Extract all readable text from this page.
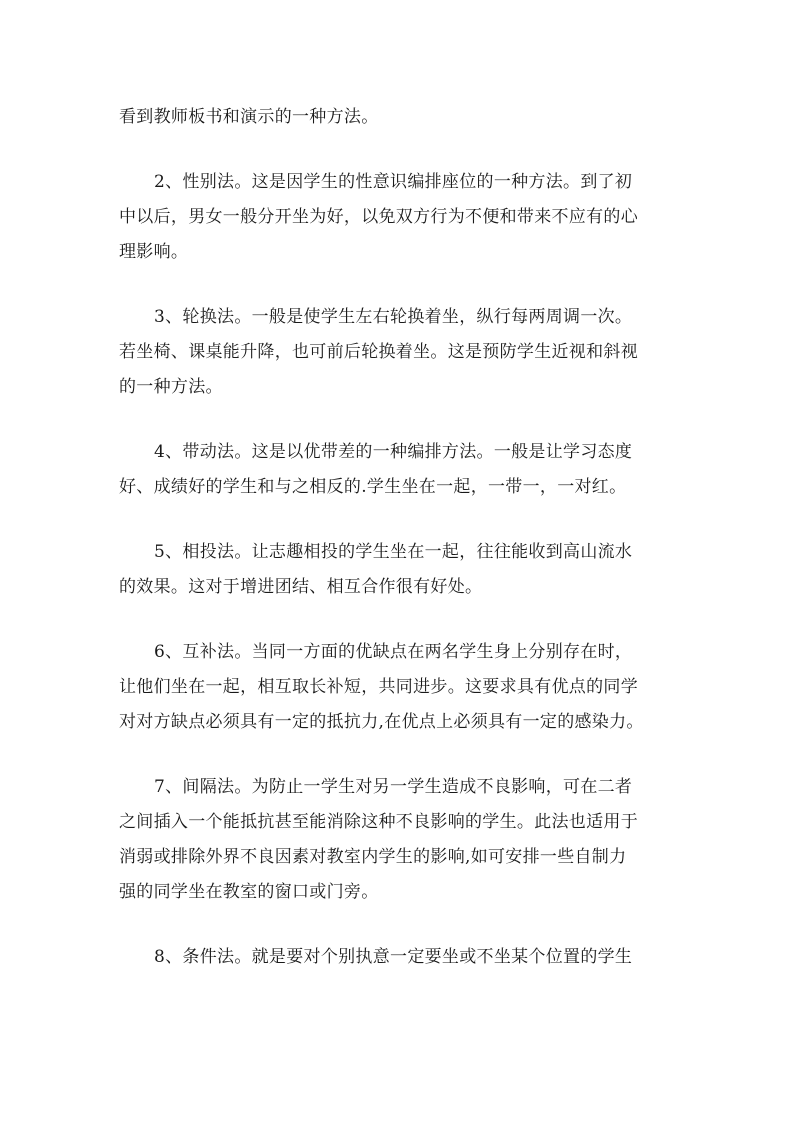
看到教师板书和演示的一种方法。

2、性别法。这是因学生的性意识编排座位的一种方法。到了初
中以后，男女一般分开坐为好，以免双方行为不便和带来不应有的心
理影响。

3、轮换法。一般是使学生左右轮换着坐，纵行每两周调一次。
若坐椅、课桌能升降，也可前后轮换着坐。这是预防学生近视和斜视
的一种方法。

4、带动法。这是以优带差的一种编排方法。一般是让学习态度
好、成绩好的学生和与之相反的.学生坐在一起，一带一，一对红。

5、相投法。让志趣相投的学生坐在一起，往往能收到高山流水
的效果。这对于增进团结、相互合作很有好处。

6、互补法。当同一方面的优缺点在两名学生身上分别存在时，
让他们坐在一起，相互取长补短，共同进步。这要求具有优点的同学
对对方缺点必须具有一定的抵抗力,在优点上必须具有一定的感染力。

7、间隔法。为防止一学生对另一学生造成不良影响，可在二者
之间插入一个能抵抗甚至能消除这种不良影响的学生。此法也适用于
消弱或排除外界不良因素对教室内学生的影响,如可安排一些自制力
强的同学坐在教室的窗口或门旁。

8、条件法。就是要对个别执意一定要坐或不坐某个位置的学生
